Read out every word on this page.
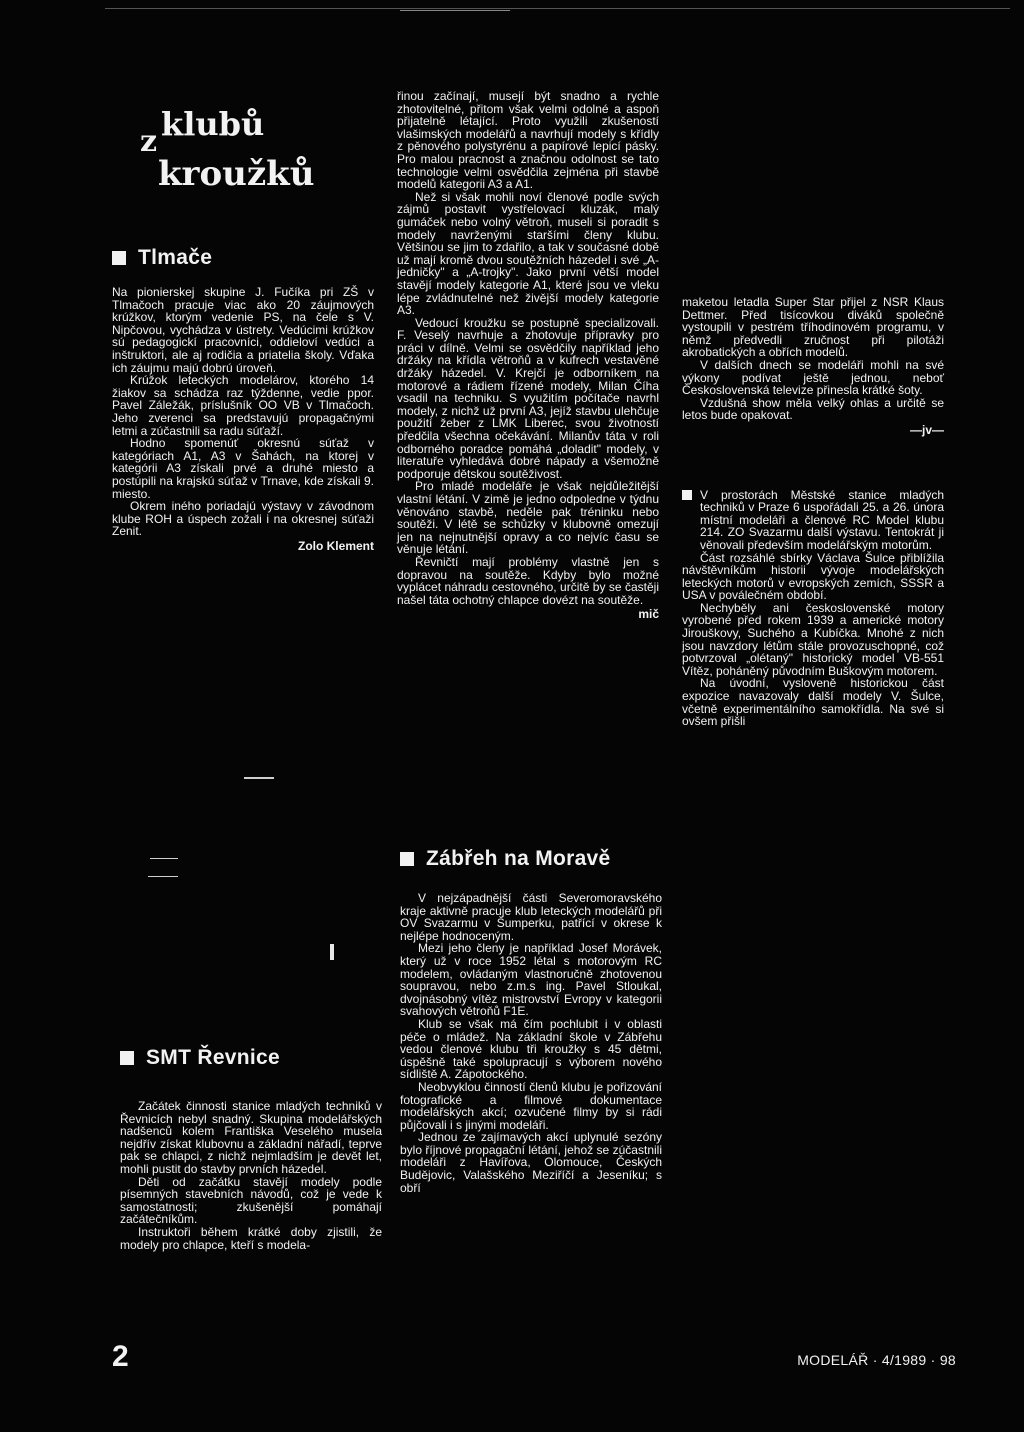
z klubů
kroužků
Tlmače

Na pionierskej skupine J. Fučíka pri ZŠ v Tlmačoch pracuje viac ako 20 záujmových krúžkov, ktorým vedenie PS, na čele s V. Nipčovou, vychádza v ústrety. Vedúcimi krúžkov sú pedagogickí pracovníci, oddieloví vedúci a inštruktori, ale aj rodičia a priatelia školy. Vďaka ich záujmu majú dobrú úroveň.

Krúžok leteckých modelárov, ktorého 14 žiakov sa schádza raz týždenne, vedie ppor. Pavel Záležák, príslušník OO VB v Tlmačoch. Jeho zverenci sa predstavujú propagačnými letmi a zúčastnili sa radu súťaží.

Hodno spomenúť okresnú súťaž v kategóriach A1, A3 v Šahách, na ktorej v kategórii A3 získali prvé a druhé miesto a postúpili na krajskú súťaž v Trnave, kde získali 9. miesto.

Okrem iného poriadajú výstavy v závodnom klube ROH a úspech zožali i na okresnej súťaži Zenit.

Zolo Klement

řinou začínají, musejí být snadno a rychle zhotovitelné, přitom však velmi odolné a aspoň přijatelně létající. Proto využili zkušeností vlašimských modelářů a navrhují modely s křídly z pěnového polystyrénu a papírové lepicí pásky. Pro malou pracnost a značnou odolnost se tato technologie velmi osvědčila zejména při stavbě modelů kategorii A3 a A1.

Než si však mohli noví členové podle svých zájmů postavit vystřelovací kluzák, malý gumáček nebo volný větroň, museli si poradit s modely navrženými staršími členy klubu. Většinou se jim to zdařilo, a tak v současné době už mají kromě dvou soutěžních házedel i své „A-jedničky" a „A-trojky". Jako první větší model stavějí modely kategorie A1, které jsou ve vleku lépe zvládnutelné než živější modely kategorie A3.

Vedoucí kroužku se postupně specializovali. F. Veselý navrhuje a zhotovuje přípravky pro práci v dílně. Velmi se osvědčily například jeho držáky na křídla větroňů a v kufrech vestavěné držáky házedel. V. Krejčí je odborníkem na motorové a rádiem řízené modely, Milan Číha vsadil na techniku. S využitím počítače navrhl modely, z nichž už první A3, jejíž stavbu ulehčuje použití žeber z LMK Liberec, svou životností předčila všechna očekávání. Milanův táta v roli odborného poradce pomáhá „doladit" modely, v literatuře vyhledává dobré nápady a všemožně podporuje dětskou soutěživost.

Pro mladé modeláře je však nejdůležitější vlastní létání. V zimě je jedno odpoledne v týdnu věnováno stavbě, neděle pak tréninku nebo soutěži. V létě se schůzky v klubovně omezují jen na nejnutnější opravy a co nejvíc času se věnuje létání.

Řevničtí mají problémy vlastně jen s dopravou na soutěže. Kdyby bylo možné vyplácet náhradu cestovného, určitě by se častěji našel táta ochotný chlapce dovézt na soutěže.

mič

maketou letadla Super Star přijel z NSR Klaus Dettmer. Před tisícovkou diváků společně vystoupili v pestrém tříhodinovém programu, v němž předvedli zručnost při pilotáži akrobatických a obřích modelů.

V dalších dnech se modeláři mohli na své výkony podívat ještě jednou, neboť Československá televize přinesla krátké šoty.

Vzdušná show měla velký ohlas a určitě se letos bude opakovat.

—jv—

V prostorách Městské stanice mladých techniků v Praze 6 uspořádali 25. a 26. února místní modeláři a členové RC Model klubu 214. ZO Svazarmu další výstavu. Tentokrát ji věnovali především modelářským motorům.

Část rozsáhlé sbírky Václava Šulce přiblížila návštěvníkům historii vývoje modelářských leteckých motorů v evropských zemích, SSSR a USA v poválečném období.

Nechyběly ani československé motory vyrobené před rokem 1939 a americké motory Jirouškovy, Suchého a Kubíčka. Mnohé z nich jsou navzdory létům stále provozuschopné, což potvrzoval „olétaný" historický model VB-551 Vítěz, poháněný původním Buškovým motorem.

Na úvodní, vysloveně historickou část expozice navazovaly další modely V. Šulce, včetně experimentálního samokřídla. Na své si ovšem přišli

Zábřeh na Moravě

V nejzápadnější části Severomoravského kraje aktivně pracuje klub leteckých modelářů při OV Svazarmu v Šumperku, patřící v okrese k nejlépe hodnoceným.

Mezi jeho členy je například Josef Morávek, který už v roce 1952 létal s motorovým RC modelem, ovládaným vlastnoručně zhotovenou soupravou, nebo z.m.s ing. Pavel Stloukal, dvojnásobný vítěz mistrovství Evropy v kategorii svahových větroňů F1E.

Klub se však má čím pochlubit i v oblasti péče o mládež. Na základní škole v Zábřehu vedou členové klubu tři kroužky s 45 dětmi, úspěšně také spolupracují s výborem nového sídliště A. Zápotockého.

Neobvyklou činností členů klubu je pořizování fotografické a filmové dokumentace modelářských akcí; ozvučené filmy by si rádi půjčovali i s jinými modeláři.

Jednou ze zajímavých akcí uplynulé sezóny bylo říjnové propagační létání, jehož se zúčastnili modeláři z Havířova, Olomouce, Českých Budějovic, Valašského Meziříčí a Jeseníku; s obří

SMT Řevnice

Začátek činnosti stanice mladých techniků v Řevnicích nebyl snadný. Skupina modelářských nadšenců kolem Františka Veselého musela nejdřív získat klubovnu a základní nářadí, teprve pak se chlapci, z nichž nejmladším je devět let, mohli pustit do stavby prvních házedel.

Děti od začátku stavějí modely podle písemných stavebních návodů, což je vede k samostatnosti; zkušenější pomáhají začátečníkům.

Instruktoři během krátké doby zjistili, že modely pro chlapce, kteří s modela-

2	MODELÁŘ · 4/1989 · 98
